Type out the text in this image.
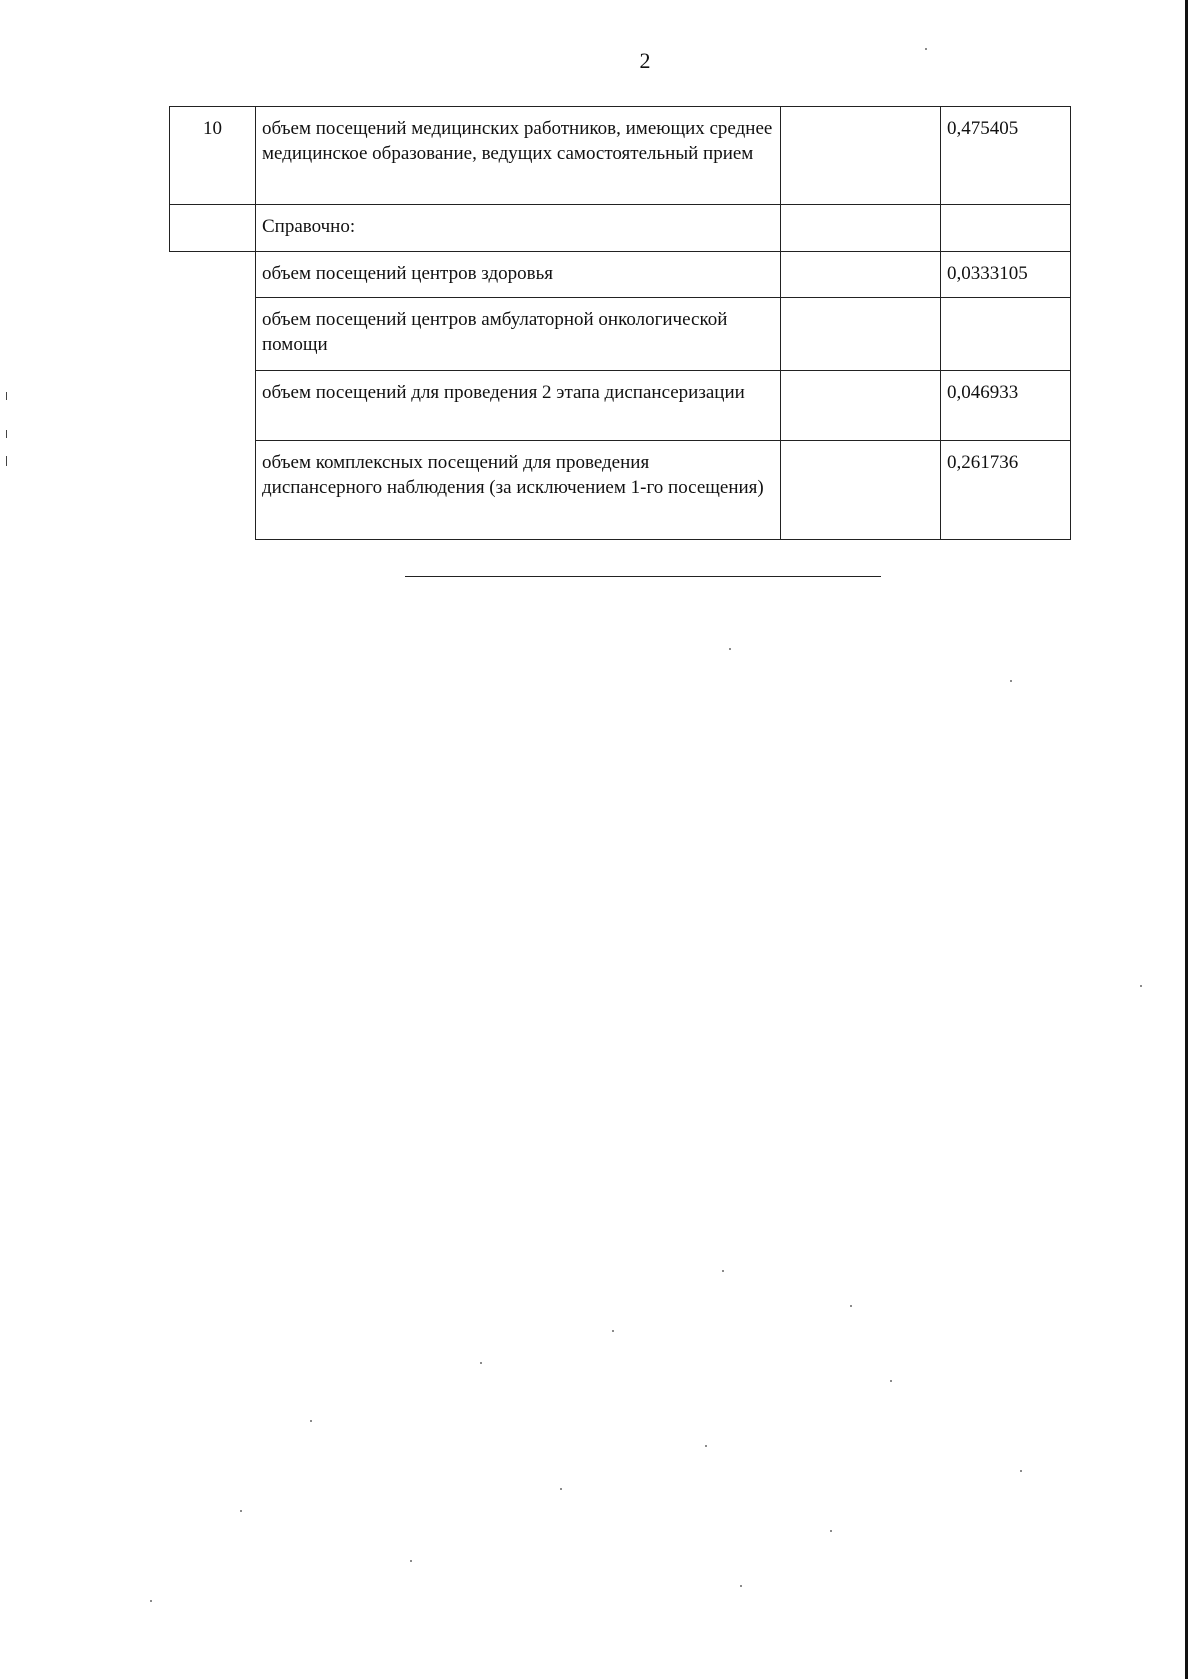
2
10	объем посещений медицинских работников, имеющих среднее медицинское образование, ведущих самостоятельный прием		0,475405
	Справочно:		
	объем посещений центров здоровья		0,0333105
	объем посещений центров амбулаторной онкологической помощи		
	объем посещений для проведения 2 этапа диспансеризации		0,046933
	объем комплексных посещений для проведения диспансерного наблюдения (за исключением 1-го посещения)		0,261736
